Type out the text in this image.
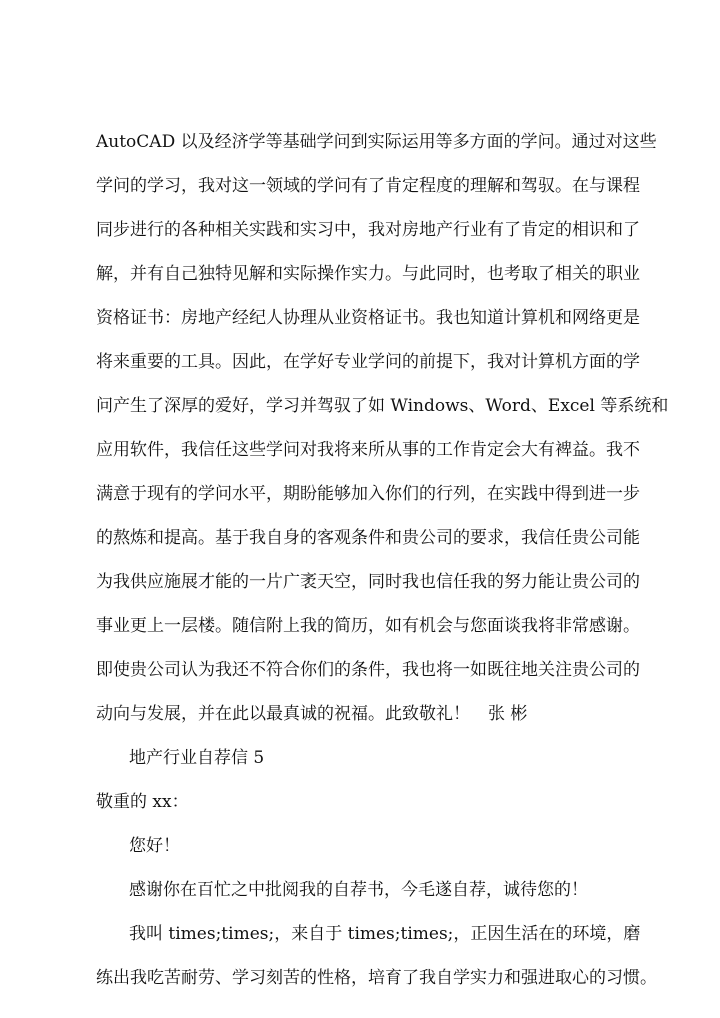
AutoCAD 以及经济学等基础学问到实际运用等多方面的学问。通过对这些
学问的学习，我对这一领域的学问有了肯定程度的理解和驾驭。在与课程
同步进行的各种相关实践和实习中，我对房地产行业有了肯定的相识和了
解，并有自己独特见解和实际操作实力。与此同时，也考取了相关的职业
资格证书：房地产经纪人协理从业资格证书。我也知道计算机和网络更是
将来重要的工具。因此，在学好专业学问的前提下，我对计算机方面的学
问产生了深厚的爱好，学习并驾驭了如 Windows、Word、Excel 等系统和
应用软件，我信任这些学问对我将来所从事的工作肯定会大有裨益。我不
满意于现有的学问水平，期盼能够加入你们的行列，在实践中得到进一步
的熬炼和提高。基于我自身的客观条件和贵公司的要求，我信任贵公司能
为我供应施展才能的一片广袤天空，同时我也信任我的努力能让贵公司的
事业更上一层楼。随信附上我的简历，如有机会与您面谈我将非常感谢。
即使贵公司认为我还不符合你们的条件，我也将一如既往地关注贵公司的
动向与发展，并在此以最真诚的祝福。此致敬礼！ 张 彬
地产行业自荐信 5
敬重的 xx：
您好！
感谢你在百忙之中批阅我的自荐书，今毛遂自荐，诚待您的！
我叫 times;times;，来自于 times;times;，正因生活在的环境，磨
练出我吃苦耐劳、学习刻苦的性格，培育了我自学实力和强进取心的习惯。
